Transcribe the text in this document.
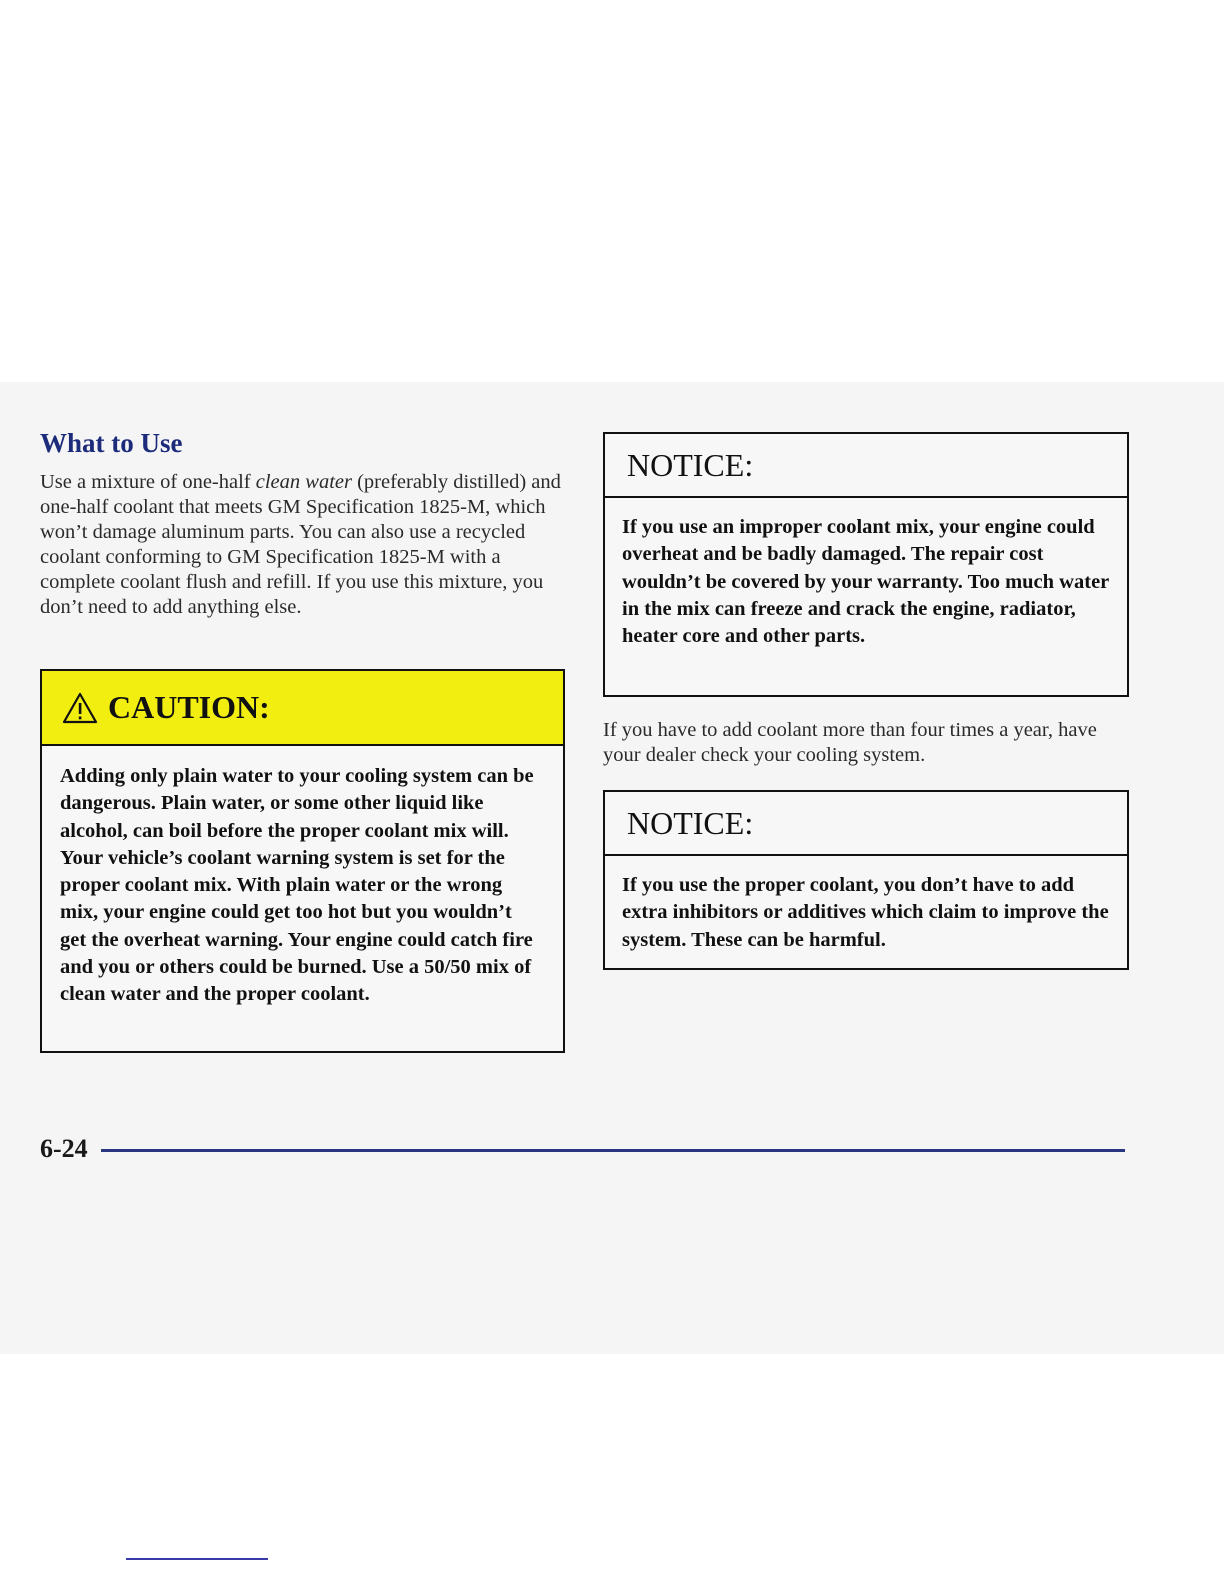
What to Use

Use a mixture of one-half clean water (preferably distilled) and one-half coolant that meets GM Specification 1825-M, which won’t damage aluminum parts. You can also use a recycled coolant conforming to GM Specification 1825-M with a complete coolant flush and refill. If you use this mixture, you don’t need to add anything else.

CAUTION:

Adding only plain water to your cooling system can be dangerous. Plain water, or some other liquid like alcohol, can boil before the proper coolant mix will. Your vehicle’s coolant warning system is set for the proper coolant mix. With plain water or the wrong mix, your engine could get too hot but you wouldn’t get the overheat warning. Your engine could catch fire and you or others could be burned. Use a 50/50 mix of clean water and the proper coolant.

NOTICE:

If you use an improper coolant mix, your engine could overheat and be badly damaged. The repair cost wouldn’t be covered by your warranty. Too much water in the mix can freeze and crack the engine, radiator, heater core and other parts.

If you have to add coolant more than four times a year, have your dealer check your cooling system.

NOTICE:

If you use the proper coolant, you don’t have to add extra inhibitors or additives which claim to improve the system. These can be harmful.

6-24
